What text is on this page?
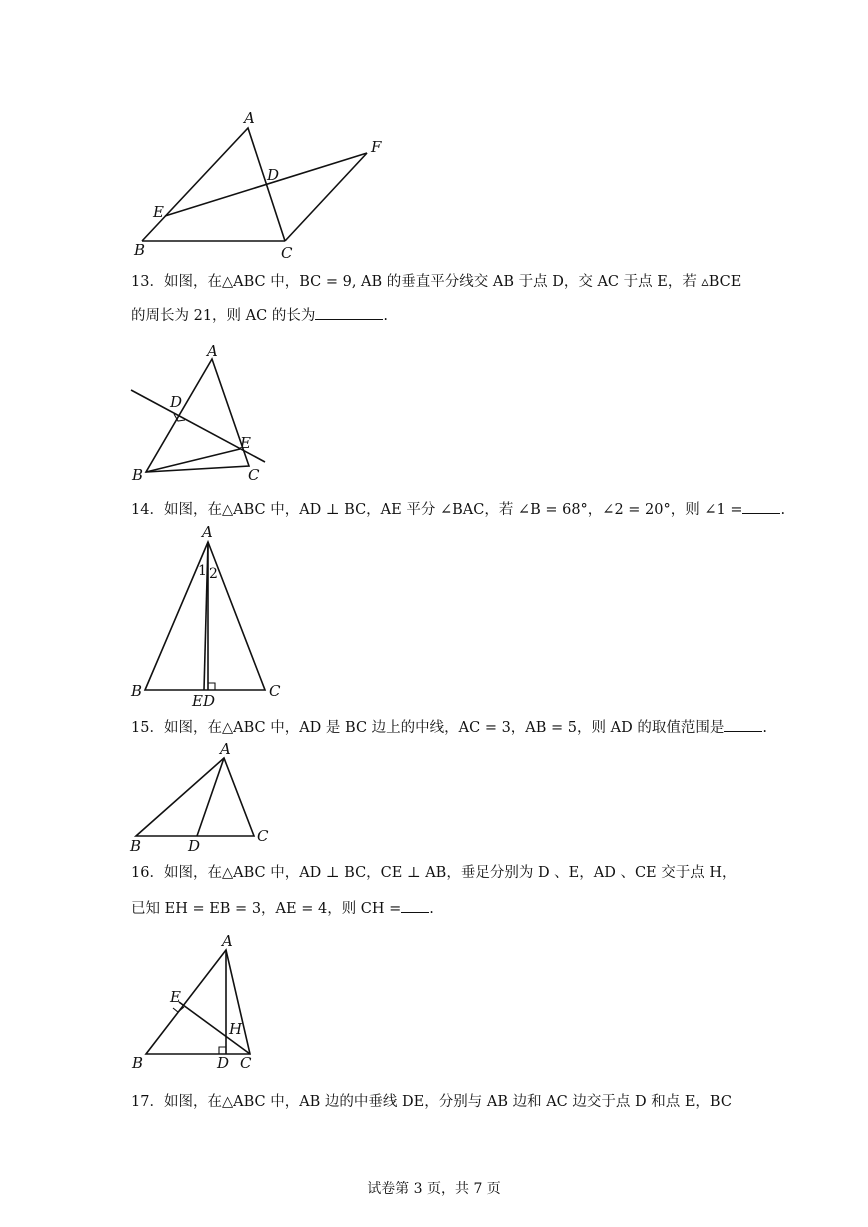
A
B	C
D
E
F
13．如图，在△ABC 中，BC = 9, AB 的垂直平分线交 AB 于点 D，交 AC 于点 E，若 ▵BCE
的周长为 21，则 AC 的长为	.
A
B	C
D
E
14．如图，在△ABC 中，AD ⊥ BC，AE 平分 ∠BAC，若 ∠B = 68°，∠2 = 20°，则 ∠1 =	.
A
B	C
ED
1 2
15．如图，在△ABC 中，AD 是 BC 边上的中线，AC = 3，AB = 5，则 AD 的取值范围是	.
A
B
C
D
16．如图，在△ABC 中，AD ⊥ BC，CE ⊥ AB，垂足分别为 D 、E，AD 、CE 交于点 H，
已知 EH = EB = 3，AE = 4，则 CH = .
A
B	C
D
E
H
17．如图，在△ABC 中，AB 边的中垂线 DE，分别与 AB 边和 AC 边交于点 D 和点 E，BC
试卷第 3 页，共 7 页
